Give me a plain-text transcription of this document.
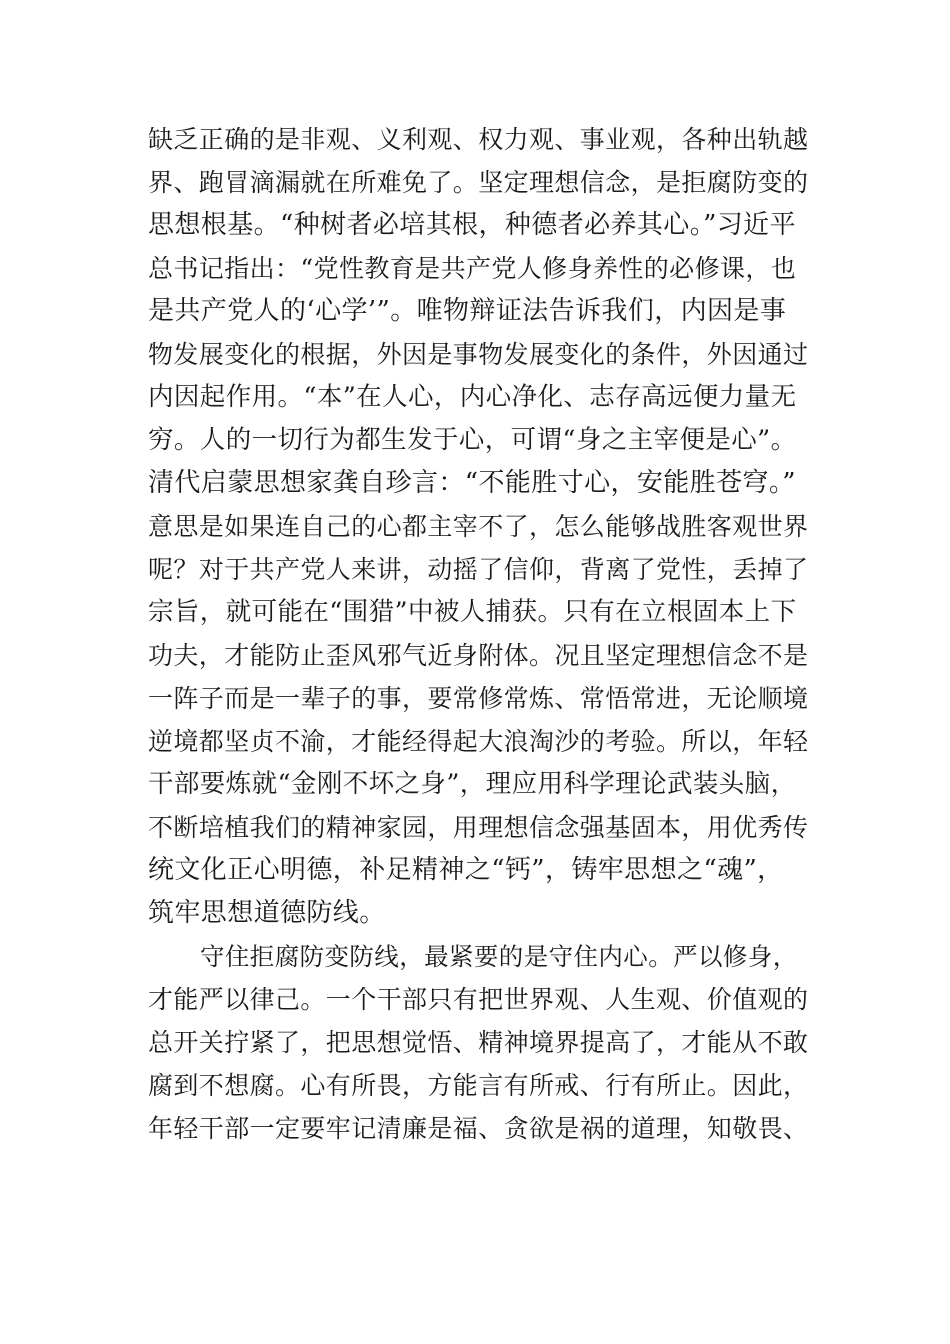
缺乏正确的是非观、义利观、权力观、事业观，各种出轨越
界、跑冒滴漏就在所难免了。坚定理想信念，是拒腐防变的
思想根基。“种树者必培其根，种德者必养其心。”习近平
总书记指出：“党性教育是共产党人修身养性的必修课，也
是共产党人的‘心学’”。唯物辩证法告诉我们，内因是事
物发展变化的根据，外因是事物发展变化的条件，外因通过
内因起作用。“本”在人心，内心净化、志存高远便力量无
穷。人的一切行为都生发于心，可谓“身之主宰便是心”。
清代启蒙思想家龚自珍言：“不能胜寸心，安能胜苍穹。”
意思是如果连自己的心都主宰不了，怎么能够战胜客观世界
呢？对于共产党人来讲，动摇了信仰，背离了党性，丢掉了
宗旨，就可能在“围猎”中被人捕获。只有在立根固本上下
功夫，才能防止歪风邪气近身附体。况且坚定理想信念不是
一阵子而是一辈子的事，要常修常炼、常悟常进，无论顺境
逆境都坚贞不渝，才能经得起大浪淘沙的考验。所以，年轻
干部要炼就“金刚不坏之身”，理应用科学理论武装头脑，
不断培植我们的精神家园，用理想信念强基固本，用优秀传
统文化正心明德，补足精神之“钙”，铸牢思想之“魂”，
筑牢思想道德防线。
守住拒腐防变防线，最紧要的是守住内心。严以修身，
才能严以律己。一个干部只有把世界观、人生观、价值观的
总开关拧紧了，把思想觉悟、精神境界提高了，才能从不敢
腐到不想腐。心有所畏，方能言有所戒、行有所止。因此，
年轻干部一定要牢记清廉是福、贪欲是祸的道理，知敬畏、
